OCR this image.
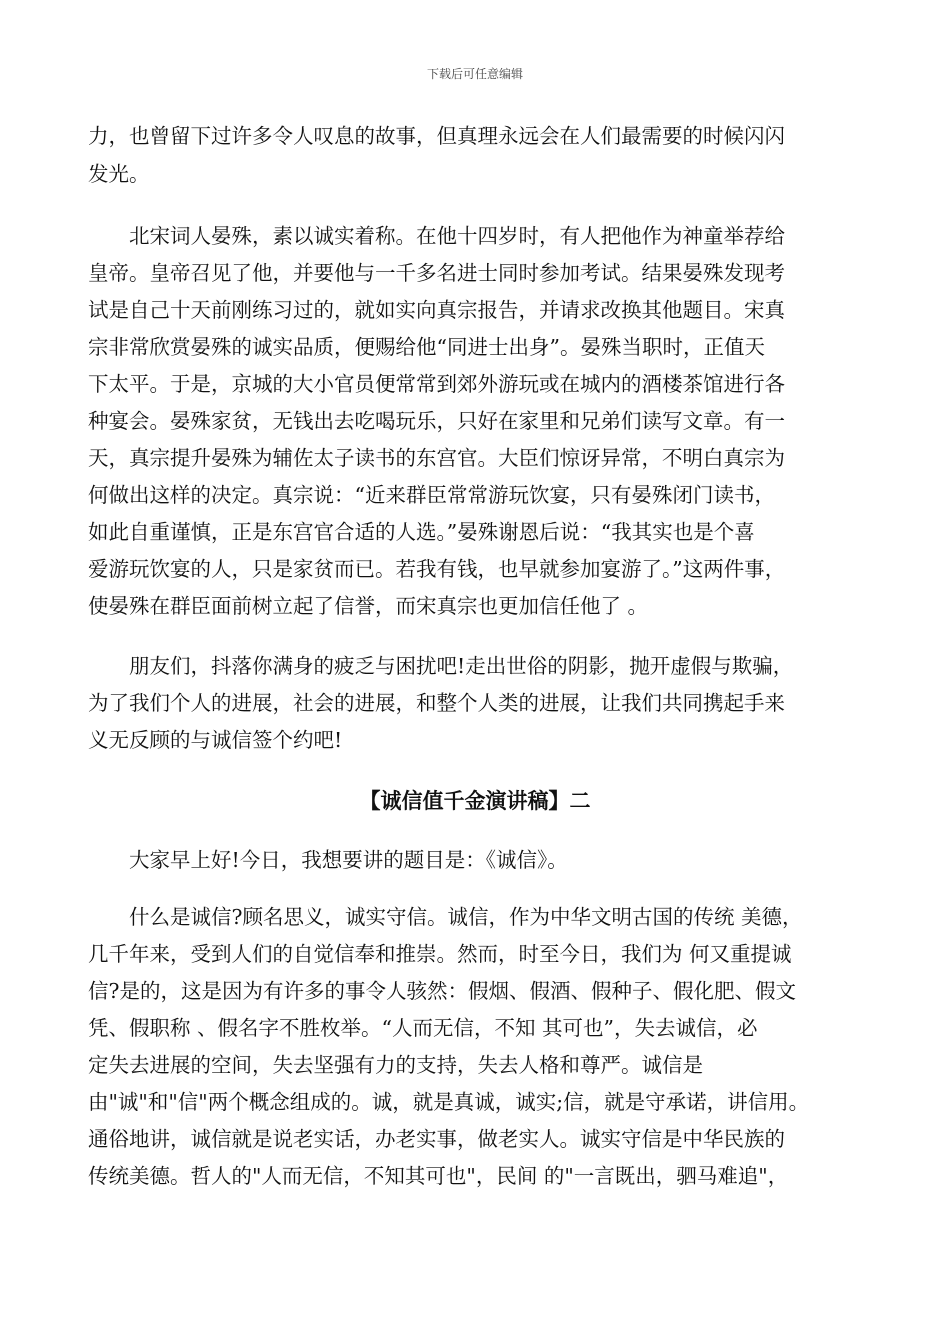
下载后可任意编辑
力，也曾留下过许多令人叹息的故事，但真理永远会在人们最需要的时候闪闪
发光。
　　北宋词人晏殊，素以诚实着称。在他十四岁时，有人把他作为神童举荐给
皇帝。皇帝召见了他，并要他与一千多名进士同时参加考试。结果晏殊发现考
试是自己十天前刚练习过的，就如实向真宗报告，并请求改换其他题目。宋真
宗非常欣赏晏殊的诚实品质，便赐给他“同进士出身”。晏殊当职时，正值天
下太平。于是，京城的大小官员便常常到郊外游玩或在城内的酒楼茶馆进行各
种宴会。晏殊家贫，无钱出去吃喝玩乐，只好在家里和兄弟们读写文章。有一
天，真宗提升晏殊为辅佐太子读书的东宫官。大臣们惊讶异常，不明白真宗为
何做出这样的决定。真宗说：“近来群臣常常游玩饮宴，只有晏殊闭门读书，
如此自重谨慎，正是东宫官合适的人选。”晏殊谢恩后说：“我其实也是个喜
爱游玩饮宴的人，只是家贫而已。若我有钱，也早就参加宴游了。”这两件事，
使晏殊在群臣面前树立起了信誉，而宋真宗也更加信任他了 。
　　朋友们，抖落你满身的疲乏与困扰吧!走出世俗的阴影，抛开虚假与欺骗，
为了我们个人的进展，社会的进展，和整个人类的进展，让我们共同携起手来
义无反顾的与诚信签个约吧!
【诚信值千金演讲稿】二
　　大家早上好!今日，我想要讲的题目是：《诚信》。
　　什么是诚信?顾名思义，诚实守信。诚信，作为中华文明古国的传统 美德，
几千年来，受到人们的自觉信奉和推崇。然而，时至今日，我们为 何又重提诚
信?是的，这是因为有许多的事令人骇然：假烟、假酒、假种子、假化肥、假文
凭、假职称 、假名字不胜枚举。“人而无信，不知 其可也”，失去诚信，必
定失去进展的空间，失去坚强有力的支持，失去人格和尊严。诚信是
由"诚"和"信"两个概念组成的。诚，就是真诚，诚实;信，就是守承诺，讲信用。
通俗地讲，诚信就是说老实话，办老实事，做老实人。诚实守信是中华民族的
传统美德。哲人的"人而无信，不知其可也"，民间 的"一言既出，驷马难追"，
